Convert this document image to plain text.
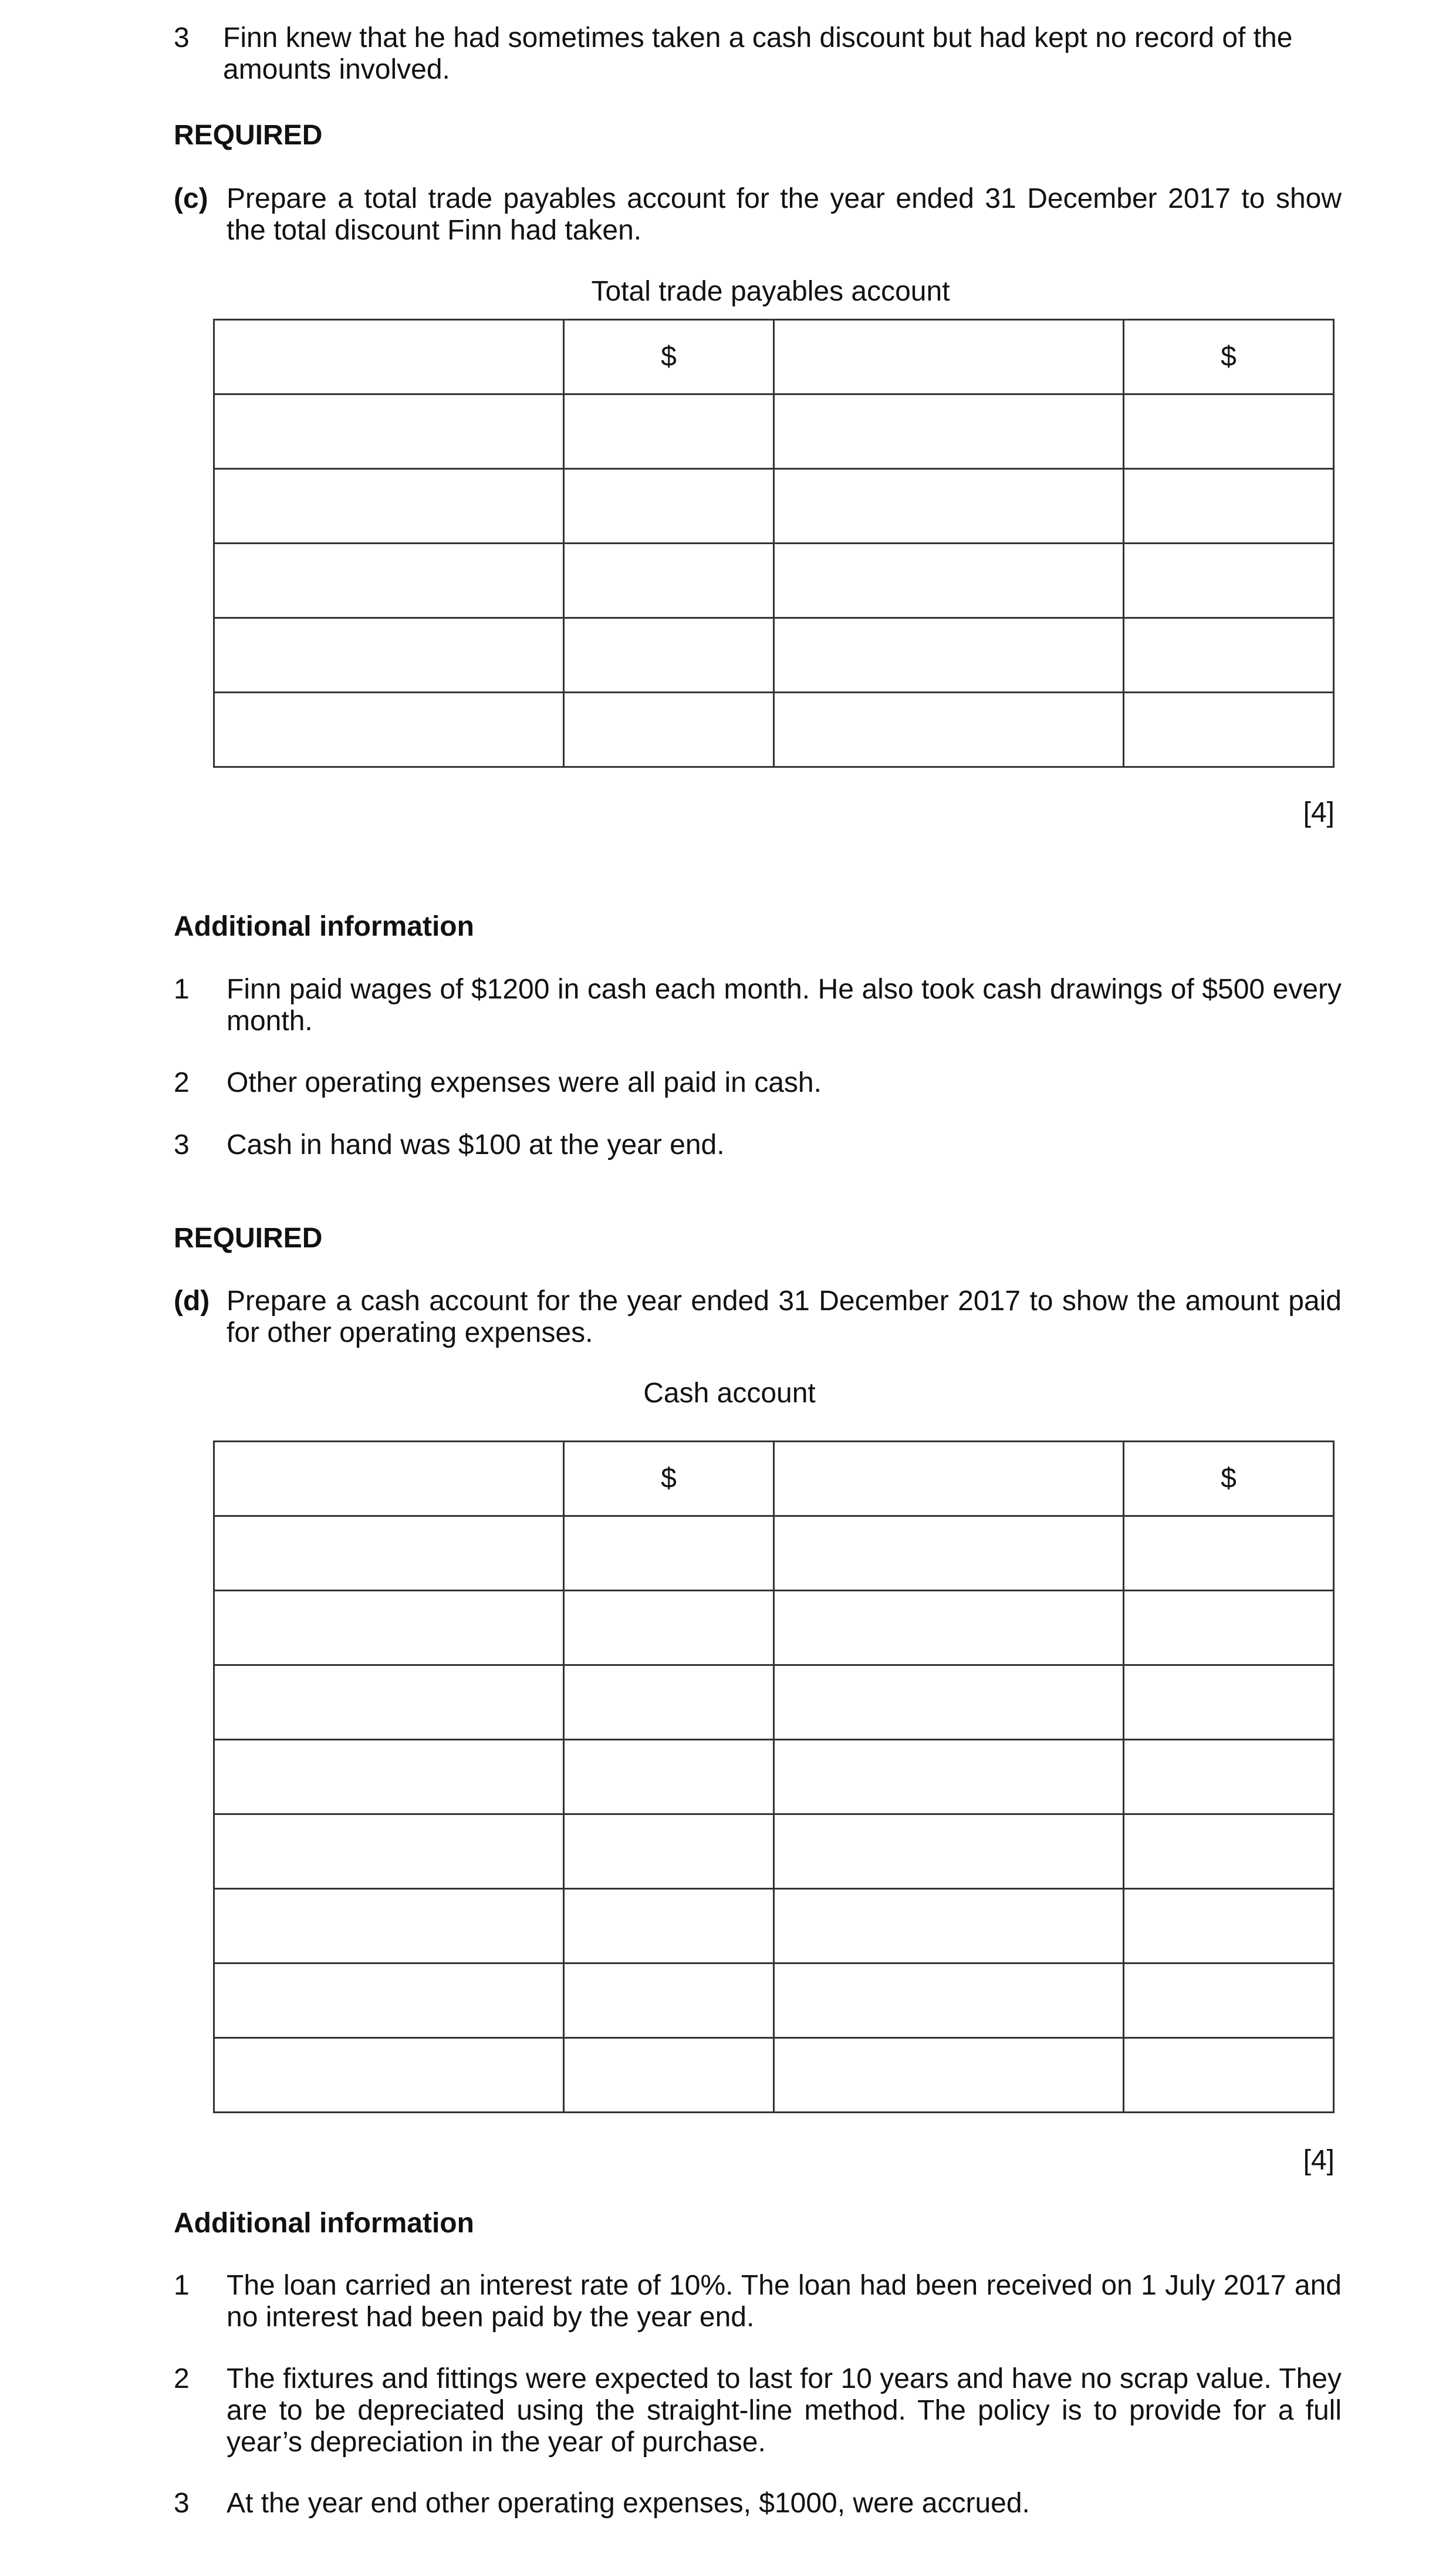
3	Finn knew that he had sometimes taken a cash discount but had kept no record of the
amounts involved.
REQUIRED
(c) Prepare a total trade payables account for the year ended 31 December 2017 to show the total discount Finn had taken.
Total trade payables account
	$		$

[4]
Additional information
1	Finn paid wages of $1200 in cash each month. He also took cash drawings of $500 every month.
2	Other operating expenses were all paid in cash.
3	Cash in hand was $100 at the year end.
REQUIRED
(d) Prepare a cash account for the year ended 31 December 2017 to show the amount paid for other operating expenses.
Cash account
	$		$

[4]
Additional information
1	The loan carried an interest rate of 10%. The loan had been received on 1 July 2017 and no interest had been paid by the year end.
2	The fixtures and fittings were expected to last for 10 years and have no scrap value. They are to be depreciated using the straight-line method. The policy is to provide for a full year’s depreciation in the year of purchase.
3	At the year end other operating expenses, $1000, were accrued.
